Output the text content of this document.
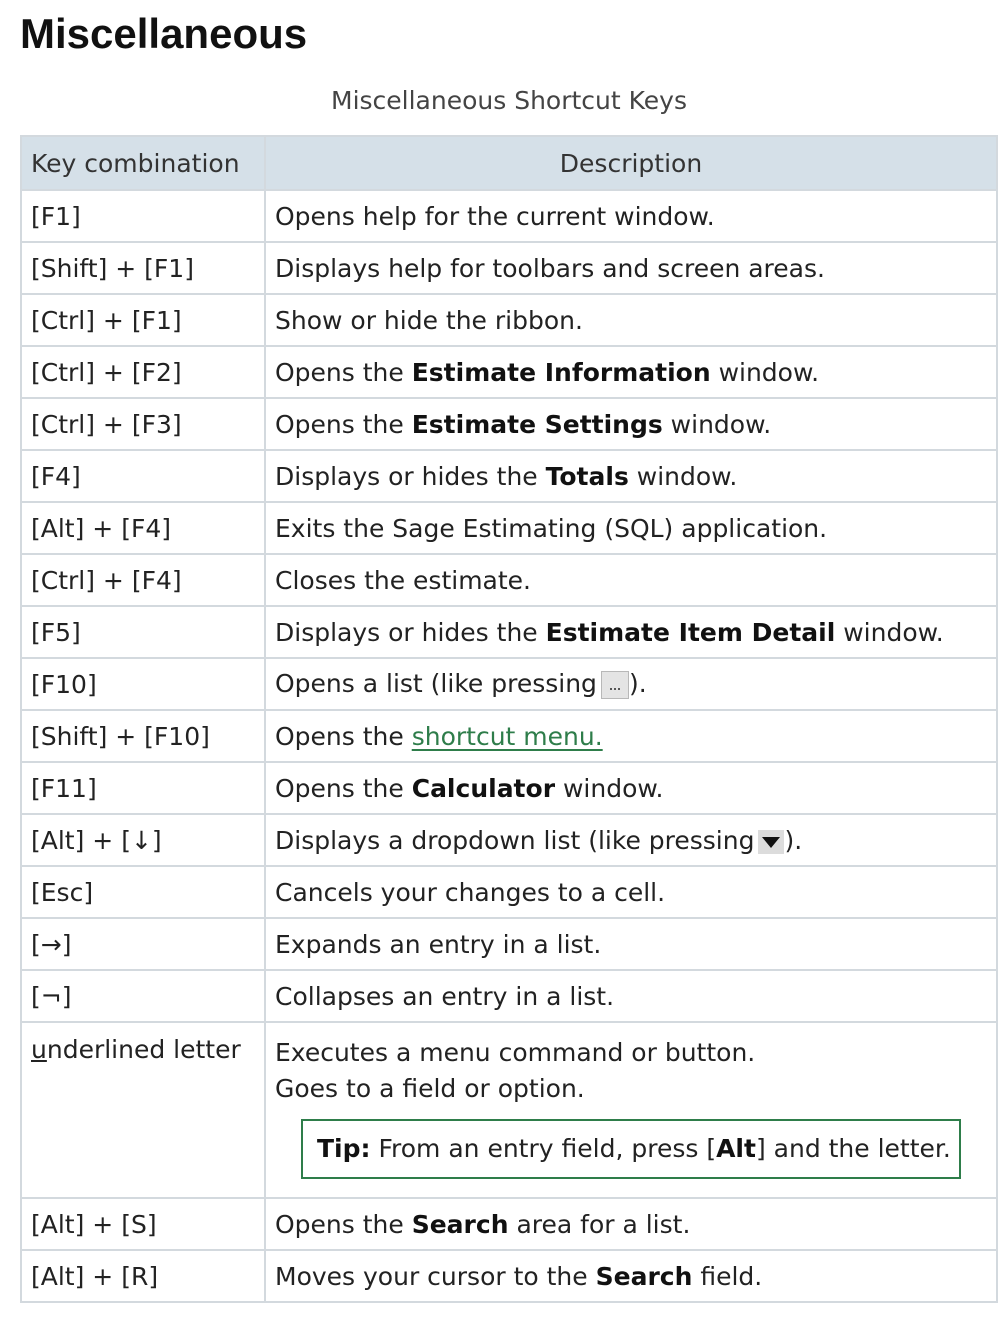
Miscellaneous
Miscellaneous Shortcut Keys
Key combination	Description
[F1]	Opens help for the current window.
[Shift] + [F1]	Displays help for toolbars and screen areas.
[Ctrl] + [F1]	Show or hide the ribbon.
[Ctrl] + [F2]	Opens the Estimate Information window.
[Ctrl] + [F3]	Opens the Estimate Settings window.
[F4]	Displays or hides the Totals window.
[Alt] + [F4]	Exits the Sage Estimating (SQL) application.
[Ctrl] + [F4]	Closes the estimate.
[F5]	Displays or hides the Estimate Item Detail window.
[F10]	Opens a list (like pressing ).
[Shift] + [F10]	Opens the shortcut menu.
[F11]	Opens the Calculator window.
[Alt] + [↓]	Displays a dropdown list (like pressing ).
[Esc]	Cancels your changes to a cell.
[→]	Expands an entry in a list.
[¬]	Collapses an entry in a list.
underlined letter	Executes a menu command or button.
Goes to a field or option.
Tip: From an entry field, press [Alt] and the letter.

[Alt] + [S]	Opens the Search area for a list.
[Alt] + [R]	Moves your cursor to the Search field.
